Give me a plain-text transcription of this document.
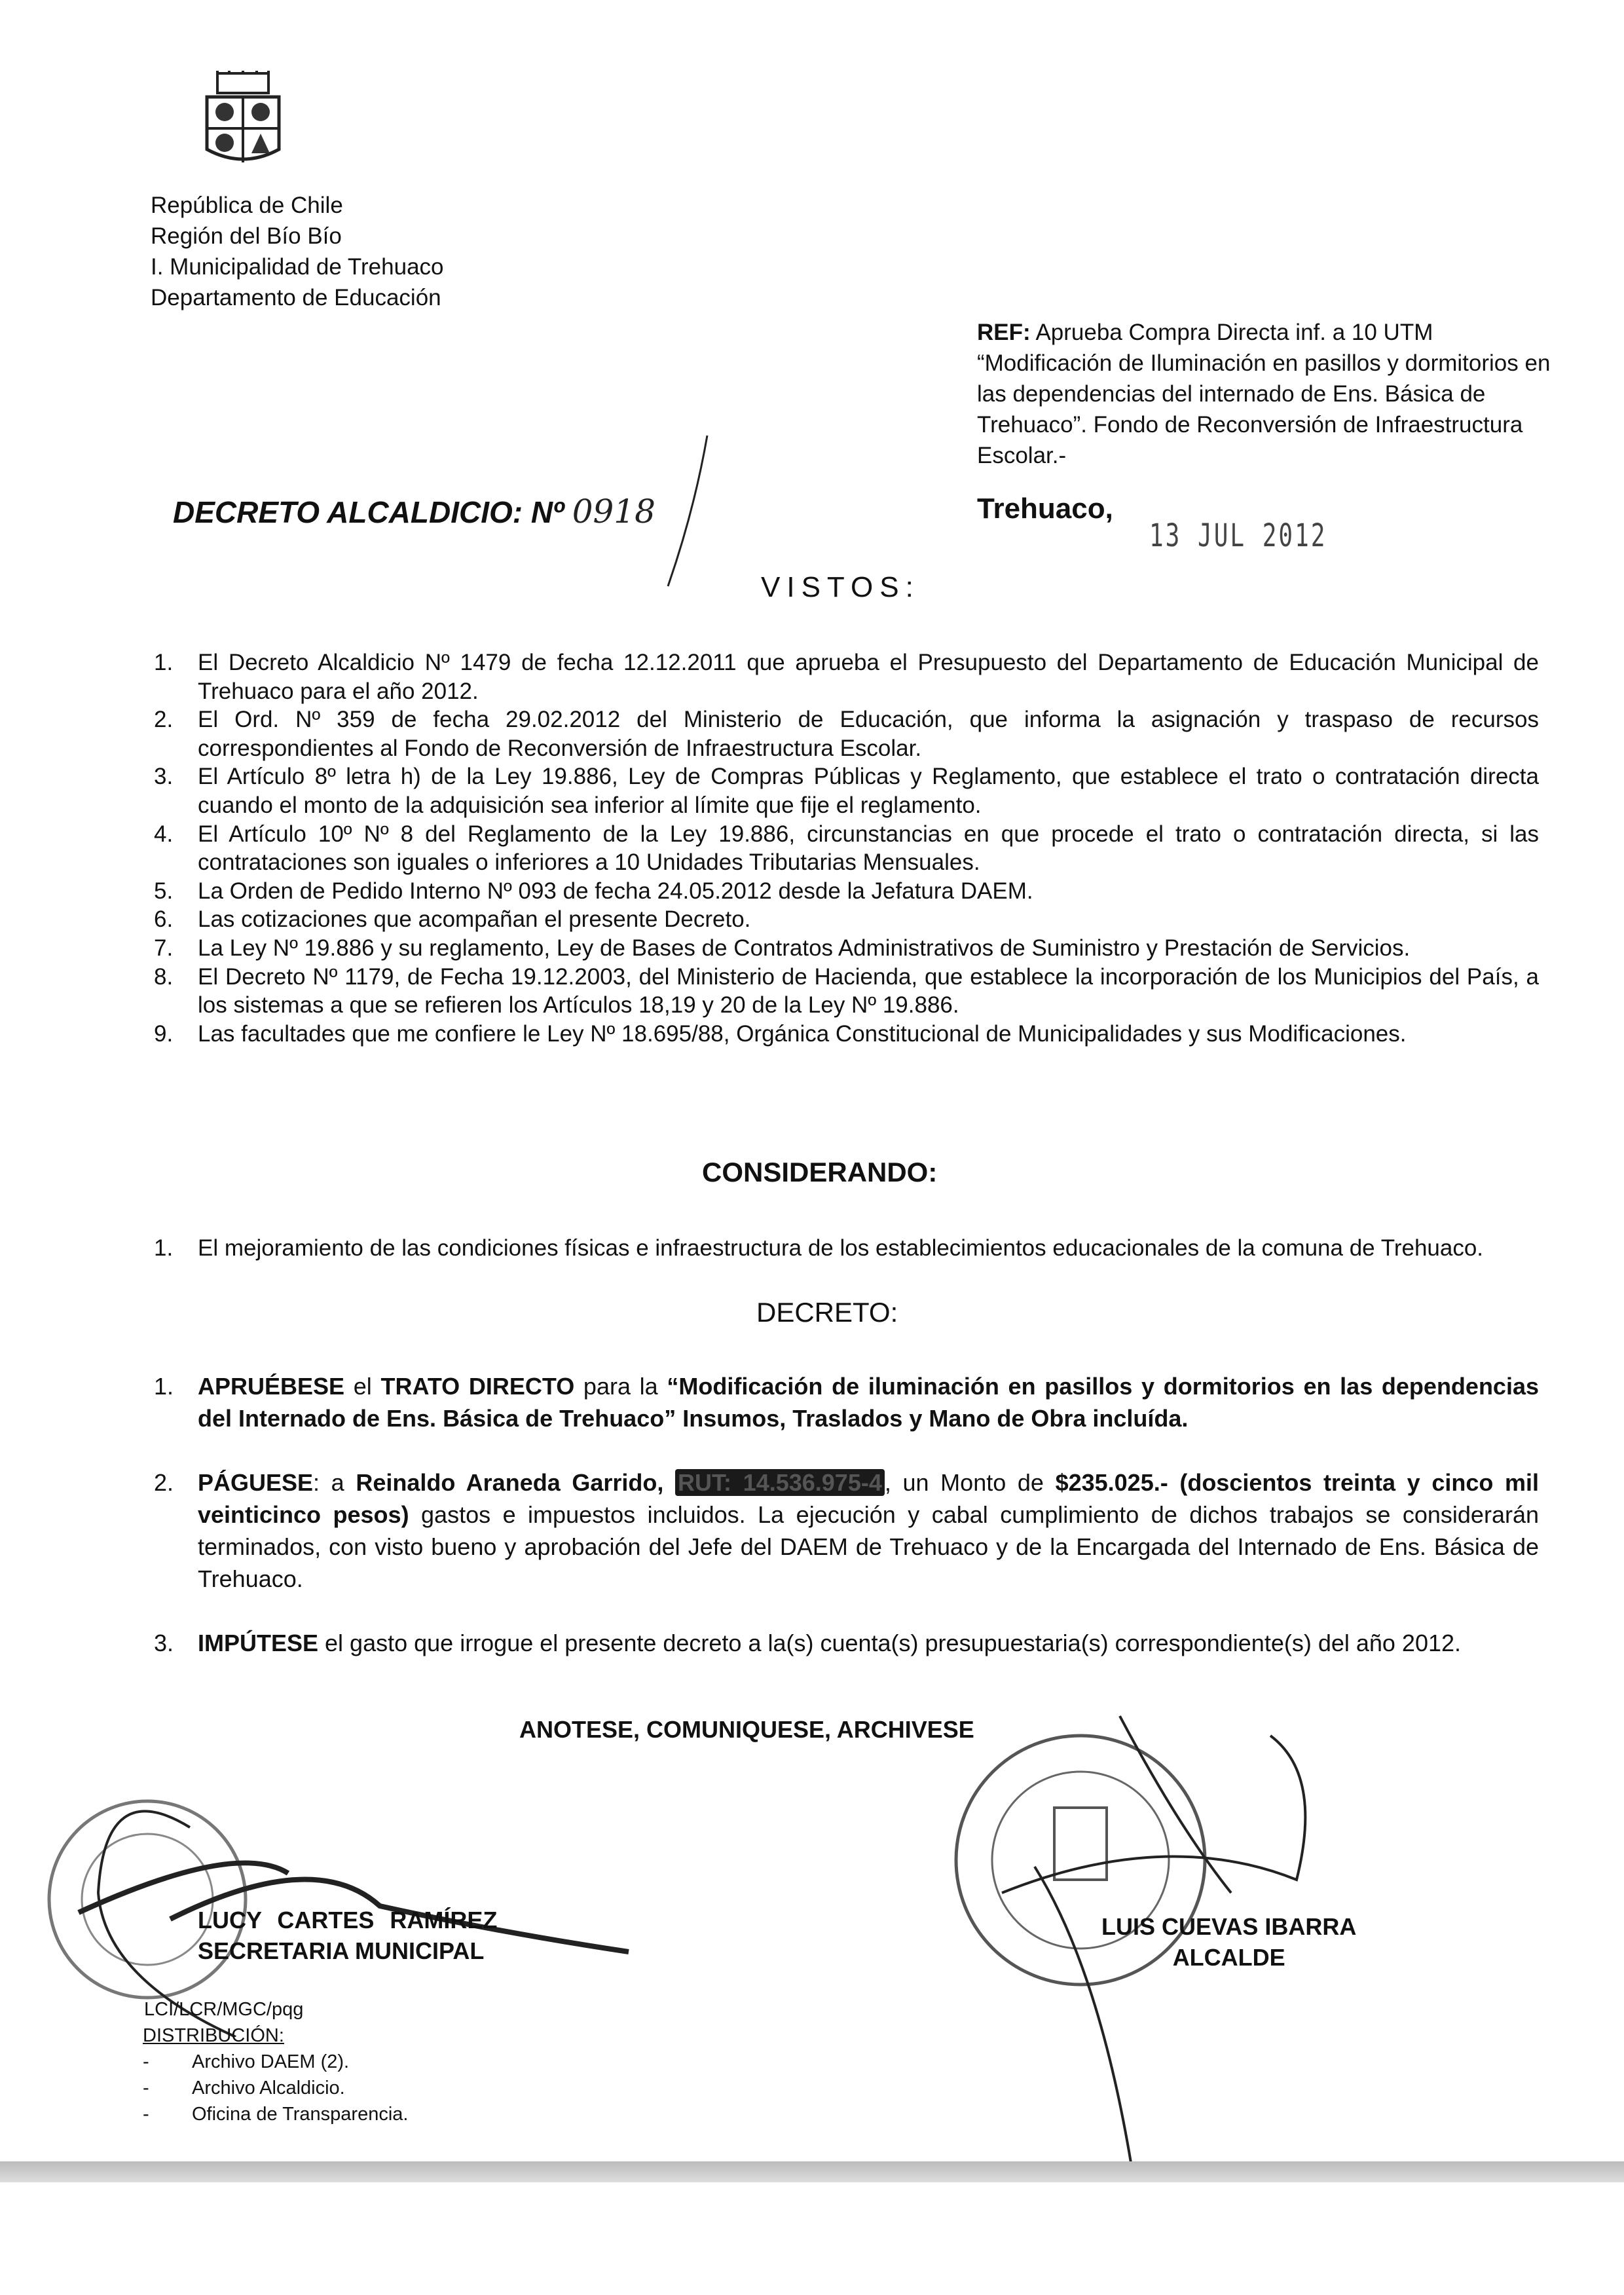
República de Chile
Región del Bío Bío
I. Municipalidad de Trehuaco
Departamento de Educación
REF: Aprueba Compra Directa inf. a 10 UTM “Modificación de Iluminación en pasillos y dormitorios en las dependencias del internado de Ens. Básica de Trehuaco”. Fondo de Reconversión de Infraestructura Escolar.-
DECRETO ALCALDICIO: Nº 0918	Trehuaco,
13 JUL 2012
VISTOS:
1.	El Decreto Alcaldicio Nº 1479 de fecha 12.12.2011 que aprueba el Presupuesto del Departamento de Educación Municipal de Trehuaco para el año 2012.
2.	El Ord. Nº 359 de fecha 29.02.2012 del Ministerio de Educación, que informa la asignación y traspaso de recursos correspondientes al Fondo de Reconversión de Infraestructura Escolar.
3.	El Artículo 8º letra h) de la Ley 19.886, Ley de Compras Públicas y Reglamento, que establece el trato o contratación directa cuando el monto de la adquisición sea inferior al límite que fije el reglamento.
4.	El Artículo 10º Nº 8 del Reglamento de la Ley 19.886, circunstancias en que procede el trato o contratación directa, si las contrataciones son iguales o inferiores a 10 Unidades Tributarias Mensuales.
5.	La Orden de Pedido Interno Nº 093 de fecha 24.05.2012 desde la Jefatura DAEM.
6.	Las cotizaciones que acompañan el presente Decreto.
7.	La Ley Nº 19.886 y su reglamento, Ley de Bases de Contratos Administrativos de Suministro y Prestación de Servicios.
8.	El Decreto Nº 1179, de Fecha 19.12.2003, del Ministerio de Hacienda, que establece la incorporación de los Municipios del País, a los sistemas a que se refieren los Artículos 18,19 y 20 de la Ley Nº 19.886.
9.	Las facultades que me confiere le Ley Nº 18.695/88, Orgánica Constitucional de Municipalidades y sus Modificaciones.
CONSIDERANDO:
1.	El mejoramiento de las condiciones físicas e infraestructura de los establecimientos educacionales de la comuna de Trehuaco.
DECRETO:
1.	APRUÉBESE el TRATO DIRECTO para la “Modificación de iluminación en pasillos y dormitorios en las dependencias del Internado de Ens. Básica de Trehuaco” Insumos, Traslados y Mano de Obra incluída.
2.	PÁGUESE: a Reinaldo Araneda Garrido, RUT: 14.536.975-4 , un Monto de $235.025.- (doscientos treinta y cinco mil veinticinco pesos) gastos e impuestos incluidos. La ejecución y cabal cumplimiento de dichos trabajos se considerarán terminados, con visto bueno y aprobación del Jefe del DAEM de Trehuaco y de la Encargada del Internado de Ens. Básica de Trehuaco.
3.	IMPÚTESE el gasto que irrogue el presente decreto a la(s) cuenta(s) presupuestaria(s) correspondiente(s) del año 2012.
ANOTESE, COMUNIQUESE, ARCHIVESE
LUCY CARTES RAMÍREZ
SECRETARIA MUNICIPAL
LUIS CUEVAS IBARRA
ALCALDE
LCI/LCR/MGC/pqg
DISTRIBUCIÓN:
-	Archivo DAEM (2).
-	Archivo Alcaldicio.
-	Oficina de Transparencia.
